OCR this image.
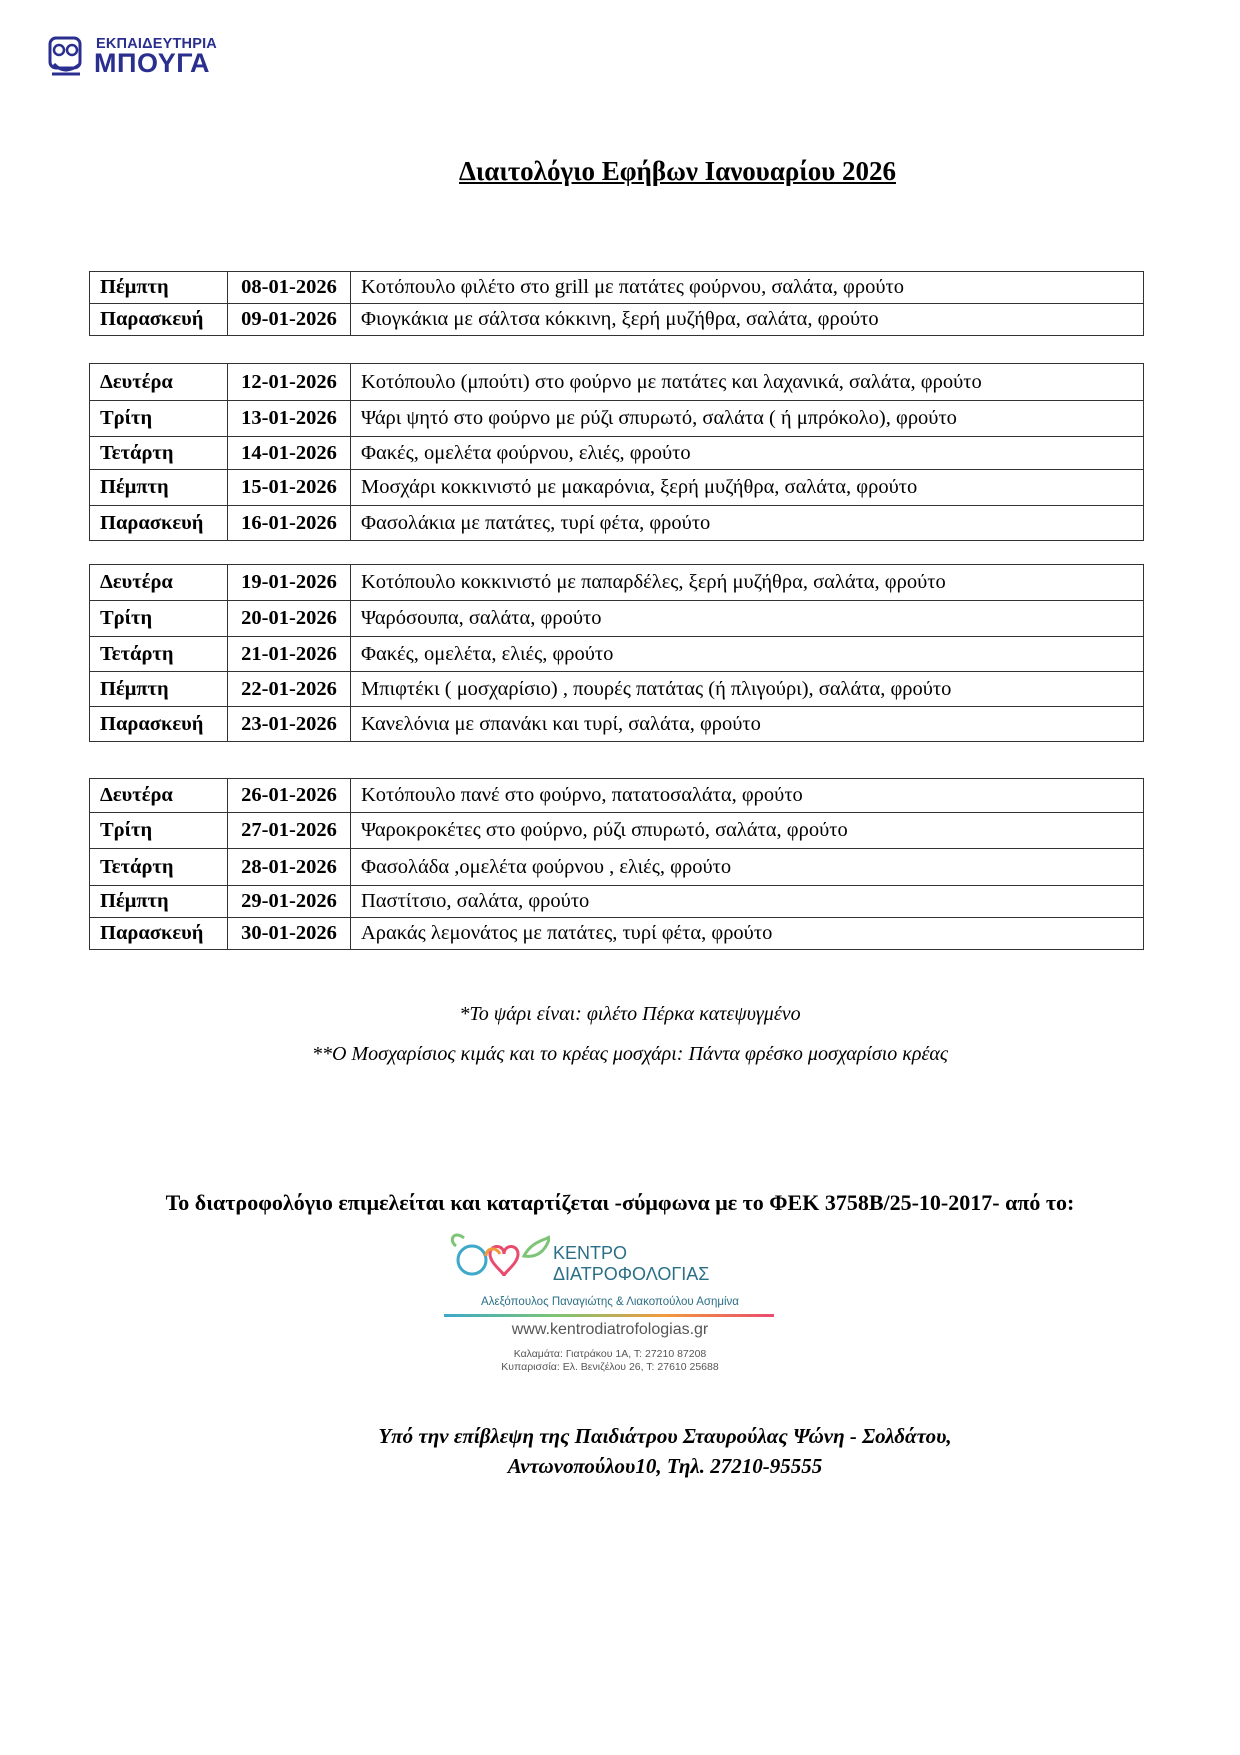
ΕΚΠΑΙΔΕΥΤΗΡΙΑ
ΜΠΟΥΓΑ
Διαιτολόγιο Εφήβων Ιανουαρίου 2026
Πέμπτη	08-01-2026	Κοτόπουλο φιλέτο στο grill με πατάτες φούρνου, σαλάτα, φρούτο
Παρασκευή	09-01-2026	Φιογκάκια με σάλτσα κόκκινη, ξερή μυζήθρα, σαλάτα, φρούτο
Δευτέρα	12-01-2026	Κοτόπουλο (μπούτι) στο φούρνο με πατάτες και λαχανικά, σαλάτα, φρούτο
Τρίτη	13-01-2026	Ψάρι ψητό στο φούρνο με ρύζι σπυρωτό, σαλάτα ( ή μπρόκολο), φρούτο
Τετάρτη	14-01-2026	Φακές, ομελέτα φούρνου, ελιές, φρούτο
Πέμπτη	15-01-2026	Μοσχάρι κοκκινιστό με μακαρόνια, ξερή μυζήθρα, σαλάτα, φρούτο
Παρασκευή	16-01-2026	Φασολάκια με πατάτες, τυρί φέτα, φρούτο
Δευτέρα	19-01-2026	Κοτόπουλο κοκκινιστό με παπαρδέλες, ξερή μυζήθρα, σαλάτα, φρούτο
Τρίτη	20-01-2026	Ψαρόσουπα, σαλάτα, φρούτο
Τετάρτη	21-01-2026	Φακές, ομελέτα, ελιές, φρούτο
Πέμπτη	22-01-2026	Μπιφτέκι ( μοσχαρίσιο) , πουρές πατάτας (ή πλιγούρι), σαλάτα, φρούτο
Παρασκευή	23-01-2026	Κανελόνια με σπανάκι και τυρί, σαλάτα, φρούτο
Δευτέρα	26-01-2026	Κοτόπουλο πανέ στο φούρνο, πατατοσαλάτα, φρούτο
Τρίτη	27-01-2026	Ψαροκροκέτες στο φούρνο, ρύζι σπυρωτό, σαλάτα, φρούτο
Τετάρτη	28-01-2026	Φασολάδα ,ομελέτα φούρνου , ελιές, φρούτο
Πέμπτη	29-01-2026	Παστίτσιο, σαλάτα, φρούτο
Παρασκευή	30-01-2026	Αρακάς λεμονάτος με πατάτες, τυρί φέτα, φρούτο
*Το ψάρι είναι: φιλέτο Πέρκα κατεψυγμένο
**Ο Μοσχαρίσιος κιμάς και το κρέας μοσχάρι: Πάντα φρέσκο μοσχαρίσιο κρέας
Το διατροφολόγιο επιμελείται και καταρτίζεται -σύμφωνα με το ΦΕΚ 3758Β/25-10-2017- από το:
ΚΕΝΤΡΟ
ΔΙΑΤΡΟΦΟΛΟΓΙΑΣ
Αλεξόπουλος Παναγιώτης & Λιακοπούλου Ασημίνα
www.kentrodiatrofologias.gr
Καλαμάτα: Γιατράκου 1Α, Τ: 27210 87208
Κυπαρισσία: Ελ. Βενιζέλου 26, Τ: 27610 25688
Υπό την επίβλεψη της Παιδιάτρου Σταυρούλας Ψώνη - Σολδάτου,
Αντωνοπούλου10, Τηλ. 27210-95555
